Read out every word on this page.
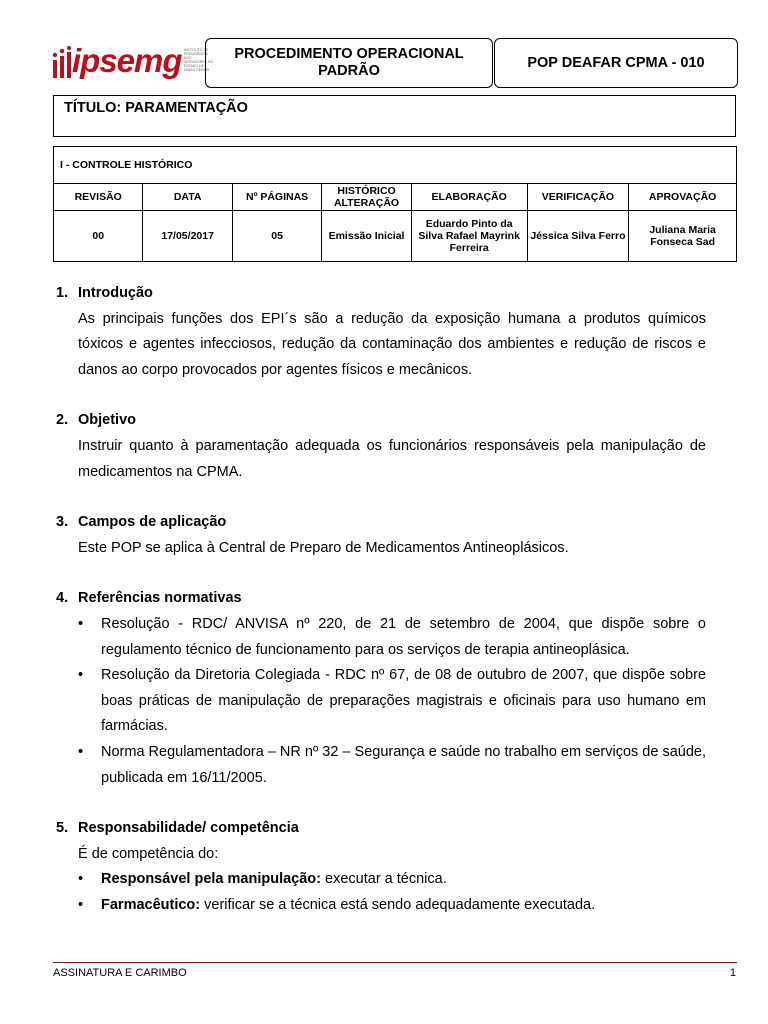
ipsemg INSTITUTO DE PREVIDÊNCIA DOS SERVIDORES DO ESTADO DE MINAS GERAIS
PROCEDIMENTO OPERACIONAL PADRÃO	POP DEAFAR CPMA - 010
TÍTULO: PARAMENTAÇÃO
I - CONTROLE HISTÓRICO						
REVISÃO	DATA	Nº PÁGINAS	HISTÓRICO ALTERAÇÃO	ELABORAÇÃO	VERIFICAÇÃO	APROVAÇÃO
00	17/05/2017	05	Emissão Inicial	Eduardo Pinto da Silva Rafael Mayrink Ferreira	Jéssica Silva Ferro	Juliana Maria Fonseca Sad
1. Introdução
As principais funções dos EPI´s são a redução da exposição humana a produtos químicos tóxicos e agentes infecciosos, redução da contaminação dos ambientes e redução de riscos e danos ao corpo provocados por agentes físicos e mecânicos.
2. Objetivo
Instruir quanto à paramentação adequada os funcionários responsáveis pela manipulação de medicamentos na CPMA.
3. Campos de aplicação
Este POP se aplica à Central de Preparo de Medicamentos Antineoplásicos.
4. Referências normativas
• Resolução - RDC/ ANVISA nº 220, de 21 de setembro de 2004, que dispõe sobre o regulamento técnico de funcionamento para os serviços de terapia antineoplásica.
• Resolução da Diretoria Colegiada - RDC nº 67, de 08 de outubro de 2007, que dispõe sobre boas práticas de manipulação de preparações magistrais e oficinais para uso humano em farmácias.
• Norma Regulamentadora – NR nº 32 – Segurança e saúde no trabalho em serviços de saúde, publicada em 16/11/2005.
5. Responsabilidade/ competência
É de competência do:
• Responsável pela manipulação: executar a técnica.
• Farmacêutico: verificar se a técnica está sendo adequadamente executada.
ASSINATURA E CARIMBO	1
